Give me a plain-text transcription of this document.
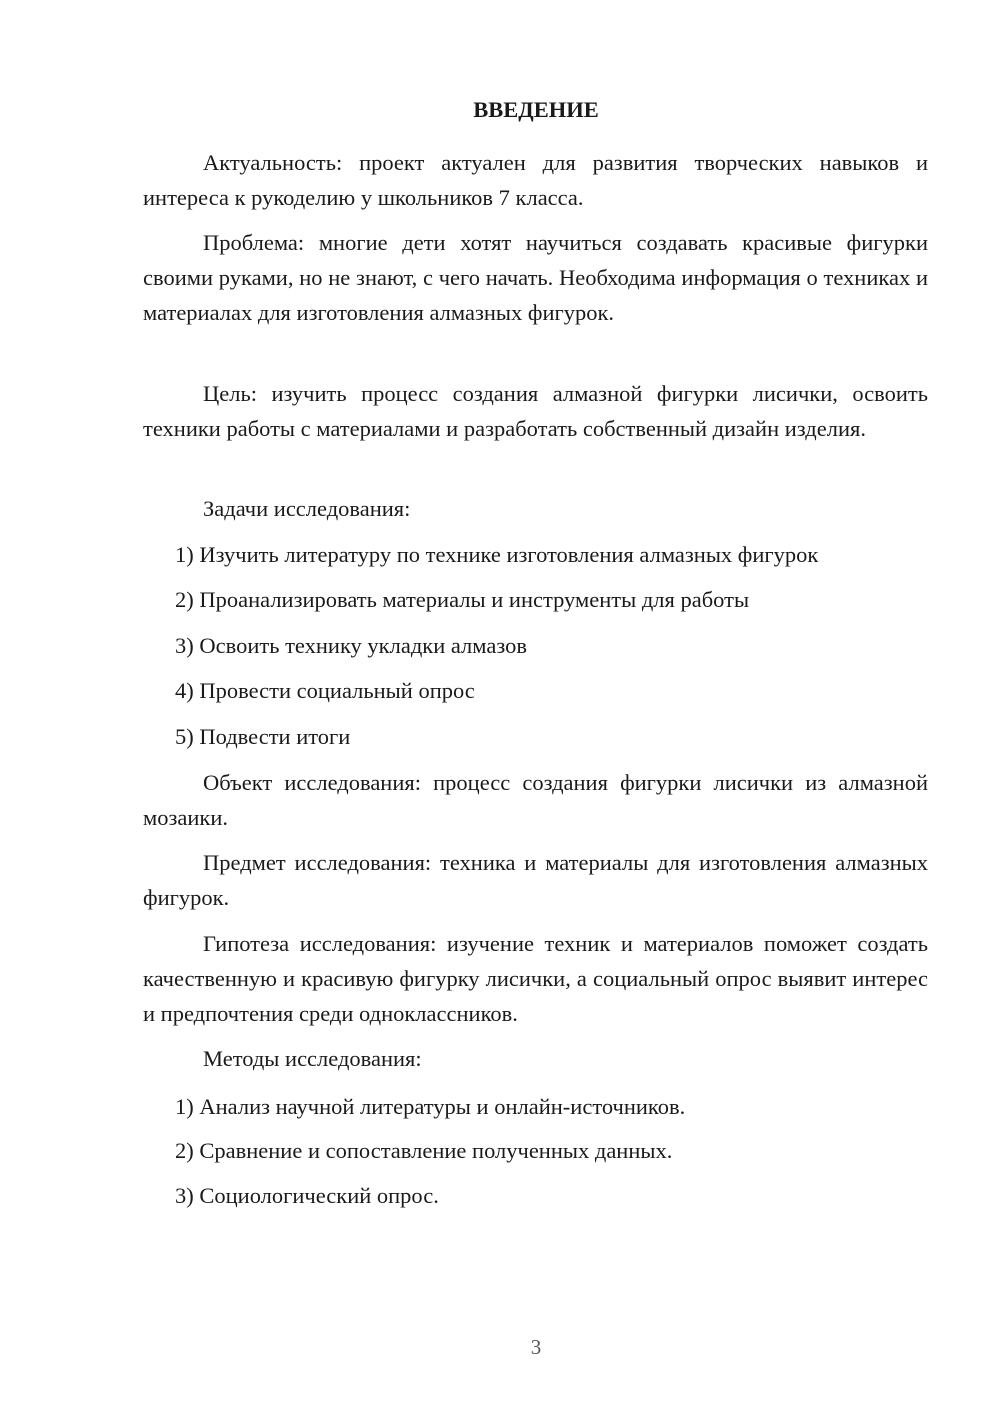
ВВЕДЕНИЕ

Актуальность: проект актуален для развития творческих навыков и интереса к рукоделию у школьников 7 класса.

Проблема: многие дети хотят научиться создавать красивые фигурки своими руками, но не знают, с чего начать. Необходима информация о техниках и материалах для изготовления алмазных фигурок.

Цель: изучить процесс создания алмазной фигурки лисички, освоить техники работы с материалами и разработать собственный дизайн изделия.

Задачи исследования:

1) Изучить литературу по технике изготовления алмазных фигурок

2) Проанализировать материалы и инструменты для работы

3) Освоить технику укладки алмазов

4) Провести социальный опрос

5) Подвести итоги

Объект исследования: процесс создания фигурки лисички из алмазной мозаики.

Предмет исследования: техника и материалы для изготовления алмазных фигурок.

Гипотеза исследования: изучение техник и материалов поможет создать качественную и красивую фигурку лисички, а социальный опрос выявит интерес и предпочтения среди одноклассников.

Методы исследования:

1) Анализ научной литературы и онлайн-источников.

2) Сравнение и сопоставление полученных данных.

3) Социологический опрос.

3
